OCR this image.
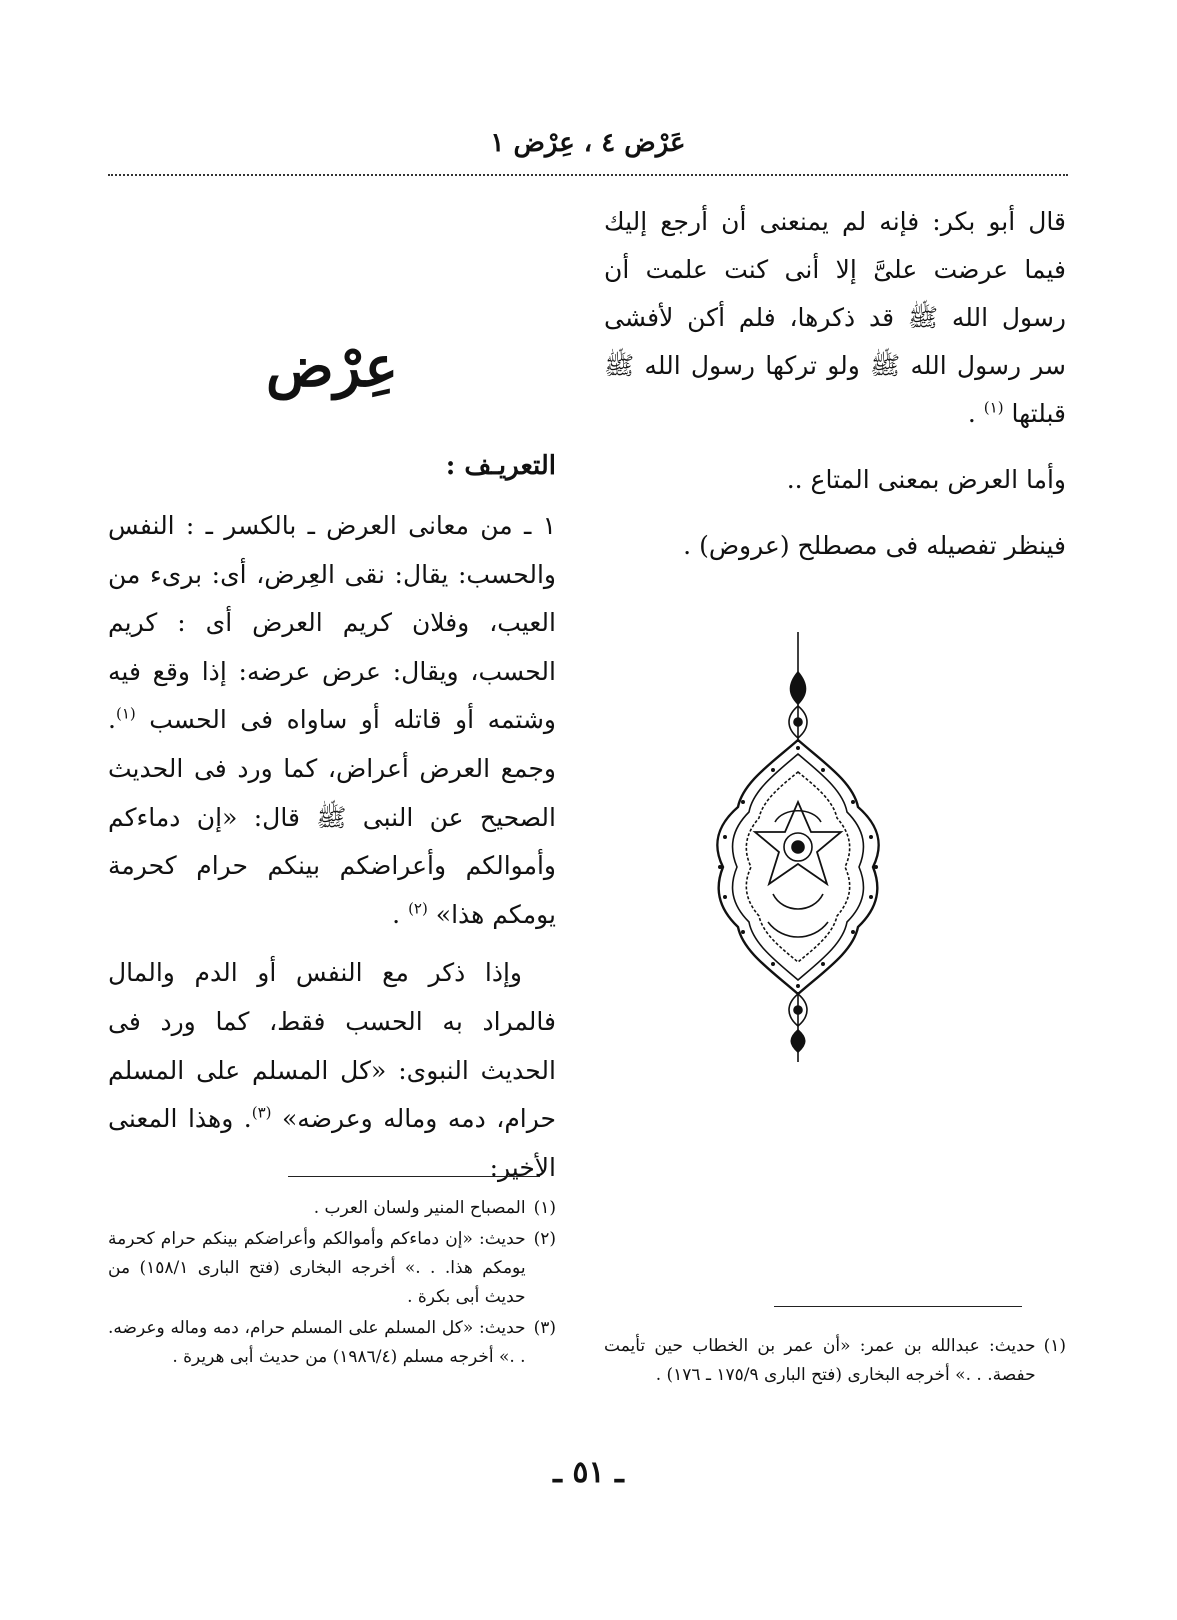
عَرْض ٤ ، عِرْض ١

قال أبو بكر: فإنه لم يمنعنى أن أرجع إليك فيما عرضت علىَّ إلا أنى كنت علمت أن رسول الله ﷺ قد ذكرها، فلم أكن لأفشى سر رسول الله ﷺ ولو تركها رسول الله ﷺ قبلتها $^{(١)}$ .

وأما العرض بمعنى المتاع ..

فينظر تفصيله فى مصطلح (عروض) .

عِرْض
التعريـف :

١ ـ من معانى العرض ـ بالكسر ـ : النفس والحسب: يقال: نقى العِرض، أى: برىء من العيب، وفلان كريم العرض أى : كريم الحسب، ويقال: عرض عرضه: إذا وقع فيه وشتمه أو قاتله أو ساواه فى الحسب $^{(١)}$. وجمع العرض أعراض، كما ورد فى الحديث الصحيح عن النبى ﷺ قال: «إن دماءكم وأموالكم وأعراضكم بينكم حرام كحرمة يومكم هذا» $^{(٢)}$ .

وإذا ذكر مع النفس أو الدم والمال فالمراد به الحسب فقط، كما ورد فى الحديث النبوى: «كل المسلم على المسلم حرام، دمه وماله وعرضه» $^{(٣)}$. وهذا المعنى الأخير:

(١)
المصباح المنير ولسان العرب .
(٢)
حديث: «إن دماءكم وأموالكم وأعراضكم بينكم حرام كحرمة يومكم هذا. . .» أخرجه البخارى (فتح البارى ١٥٨/١) من حديث أبى بكرة .
(٣)
حديث: «كل المسلم على المسلم حرام، دمه وماله وعرضه. . .» أخرجه مسلم (١٩٨٦/٤) من حديث أبى هريرة .
(١)
حديث: عبدالله بن عمر: «أن عمر بن الخطاب حين تأيمت حفصة. . .» أخرجه البخارى (فتح البارى ١٧٥/٩ ـ ١٧٦) .
ـ ٥١ ـ
